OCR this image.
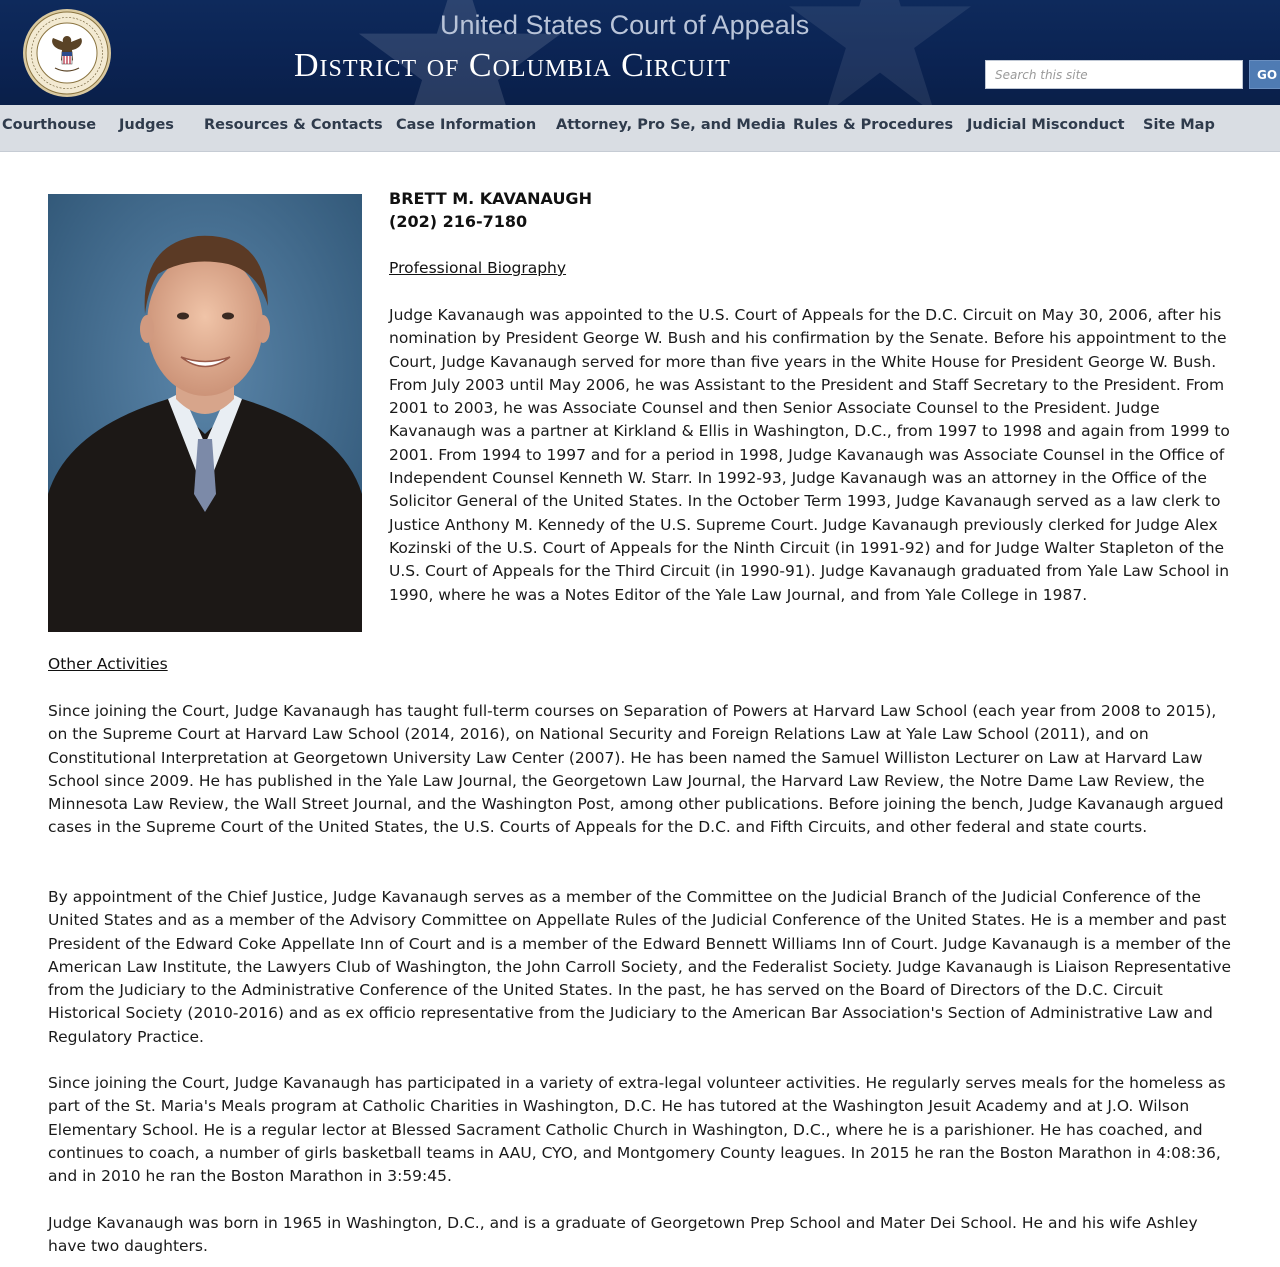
United States Court of Appeals
District of Columbia Circuit
Search this site	GO
Courthouse Judges Resources & Contacts Case Information Attorney, Pro Se, and Media Rules & Procedures Judicial Misconduct Site Map
BRETT M. KAVANAUGH
(202) 216-7180
Professional Biography
Judge Kavanaugh was appointed to the U.S. Court of Appeals for the D.C. Circuit on May 30, 2006, after his nomination by President George W. Bush and his confirmation by the Senate. Before his appointment to the Court, Judge Kavanaugh served for more than five years in the White House for President George W. Bush. From July 2003 until May 2006, he was Assistant to the President and Staff Secretary to the President. From 2001 to 2003, he was Associate Counsel and then Senior Associate Counsel to the President. Judge Kavanaugh was a partner at Kirkland & Ellis in Washington, D.C., from 1997 to 1998 and again from 1999 to 2001. From 1994 to 1997 and for a period in 1998, Judge Kavanaugh was Associate Counsel in the Office of Independent Counsel Kenneth W. Starr. In 1992-93, Judge Kavanaugh was an attorney in the Office of the Solicitor General of the United States. In the October Term 1993, Judge Kavanaugh served as a law clerk to Justice Anthony M. Kennedy of the U.S. Supreme Court. Judge Kavanaugh previously clerked for Judge Alex Kozinski of the U.S. Court of Appeals for the Ninth Circuit (in 1991-92) and for Judge Walter Stapleton of the U.S. Court of Appeals for the Third Circuit (in 1990-91). Judge Kavanaugh graduated from Yale Law School in 1990, where he was a Notes Editor of the Yale Law Journal, and from Yale College in 1987.
Other Activities
Since joining the Court, Judge Kavanaugh has taught full-term courses on Separation of Powers at Harvard Law School (each year from 2008 to 2015), on the Supreme Court at Harvard Law School (2014, 2016), on National Security and Foreign Relations Law at Yale Law School (2011), and on Constitutional Interpretation at Georgetown University Law Center (2007). He has been named the Samuel Williston Lecturer on Law at Harvard Law School since 2009. He has published in the Yale Law Journal, the Georgetown Law Journal, the Harvard Law Review, the Notre Dame Law Review, the Minnesota Law Review, the Wall Street Journal, and the Washington Post, among other publications. Before joining the bench, Judge Kavanaugh argued cases in the Supreme Court of the United States, the U.S. Courts of Appeals for the D.C. and Fifth Circuits, and other federal and state courts.
By appointment of the Chief Justice, Judge Kavanaugh serves as a member of the Committee on the Judicial Branch of the Judicial Conference of the United States and as a member of the Advisory Committee on Appellate Rules of the Judicial Conference of the United States. He is a member and past President of the Edward Coke Appellate Inn of Court and is a member of the Edward Bennett Williams Inn of Court. Judge Kavanaugh is a member of the American Law Institute, the Lawyers Club of Washington, the John Carroll Society, and the Federalist Society. Judge Kavanaugh is Liaison Representative from the Judiciary to the Administrative Conference of the United States. In the past, he has served on the Board of Directors of the D.C. Circuit Historical Society (2010-2016) and as ex officio representative from the Judiciary to the American Bar Association's Section of Administrative Law and Regulatory Practice.
Since joining the Court, Judge Kavanaugh has participated in a variety of extra-legal volunteer activities. He regularly serves meals for the homeless as part of the St. Maria's Meals program at Catholic Charities in Washington, D.C. He has tutored at the Washington Jesuit Academy and at J.O. Wilson Elementary School. He is a regular lector at Blessed Sacrament Catholic Church in Washington, D.C., where he is a parishioner. He has coached, and continues to coach, a number of girls basketball teams in AAU, CYO, and Montgomery County leagues. In 2015 he ran the Boston Marathon in 4:08:36, and in 2010 he ran the Boston Marathon in 3:59:45.
Judge Kavanaugh was born in 1965 in Washington, D.C., and is a graduate of Georgetown Prep School and Mater Dei School. He and his wife Ashley have two daughters.
